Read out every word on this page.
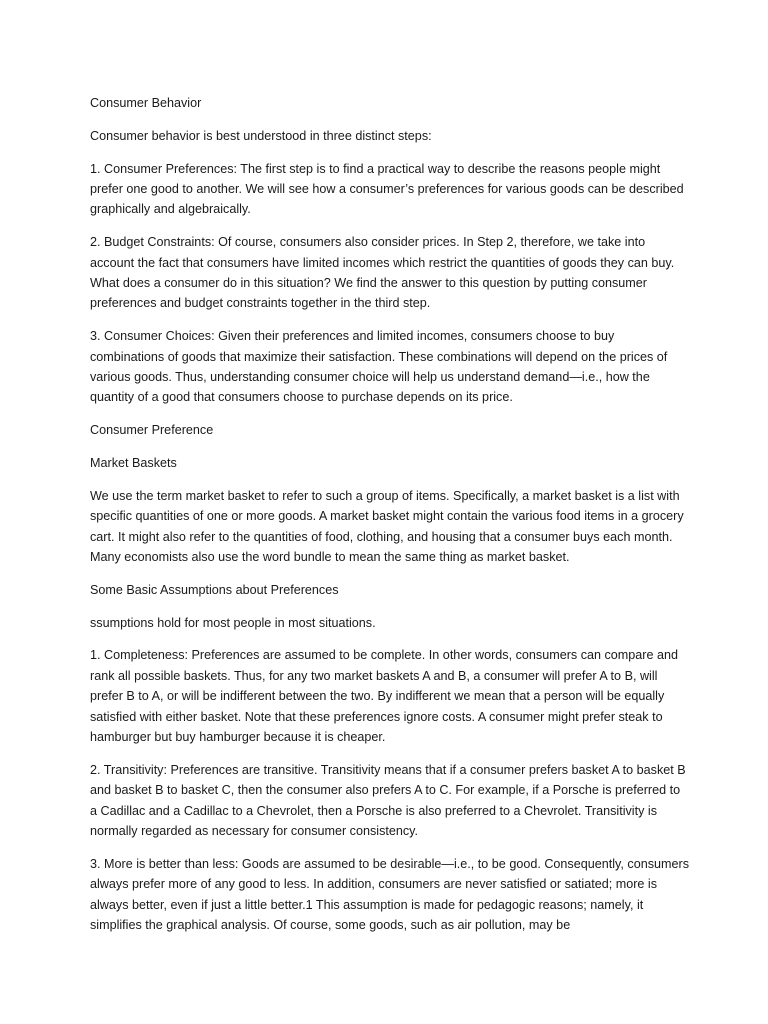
Consumer Behavior

Consumer behavior is best understood in three distinct steps:

1. Consumer Preferences: The first step is to find a practical way to describe the reasons people might prefer one good to another. We will see how a consumer’s preferences for various goods can be described graphically and algebraically.

2. Budget Constraints: Of course, consumers also consider prices. In Step 2, therefore, we take into account the fact that consumers have limited incomes which restrict the quantities of goods they can buy. What does a consumer do in this situation? We find the answer to this question by putting consumer preferences and budget constraints together in the third step.

3. Consumer Choices: Given their preferences and limited incomes, consumers choose to buy combinations of goods that maximize their satisfaction. These combinations will depend on the prices of various goods. Thus, understanding consumer choice will help us understand demand—i.e., how the quantity of a good that consumers choose to purchase depends on its price.

Consumer Preference

Market Baskets

We use the term market basket to refer to such a group of items. Specifically, a market basket is a list with specific quantities of one or more goods. A market basket might contain the various food items in a grocery cart. It might also refer to the quantities of food, clothing, and housing that a consumer buys each month. Many economists also use the word bundle to mean the same thing as market basket.

Some Basic Assumptions about Preferences

ssumptions hold for most people in most situations.

1. Completeness: Preferences are assumed to be complete. In other words, consumers can compare and rank all possible baskets. Thus, for any two market baskets A and B, a consumer will prefer A to B, will prefer B to A, or will be indifferent between the two. By indifferent we mean that a person will be equally satisfied with either basket. Note that these preferences ignore costs. A consumer might prefer steak to hamburger but buy hamburger because it is cheaper.

2. Transitivity: Preferences are transitive. Transitivity means that if a consumer prefers basket A to basket B and basket B to basket C, then the consumer also prefers A to C. For example, if a Porsche is preferred to a Cadillac and a Cadillac to a Chevrolet, then a Porsche is also preferred to a Chevrolet. Transitivity is normally regarded as necessary for consumer consistency.

3. More is better than less: Goods are assumed to be desirable—i.e., to be good. Consequently, consumers always prefer more of any good to less. In addition, consumers are never satisfied or satiated; more is always better, even if just a little better.1 This assumption is made for pedagogic reasons; namely, it simplifies the graphical analysis. Of course, some goods, such as air pollution, may be
